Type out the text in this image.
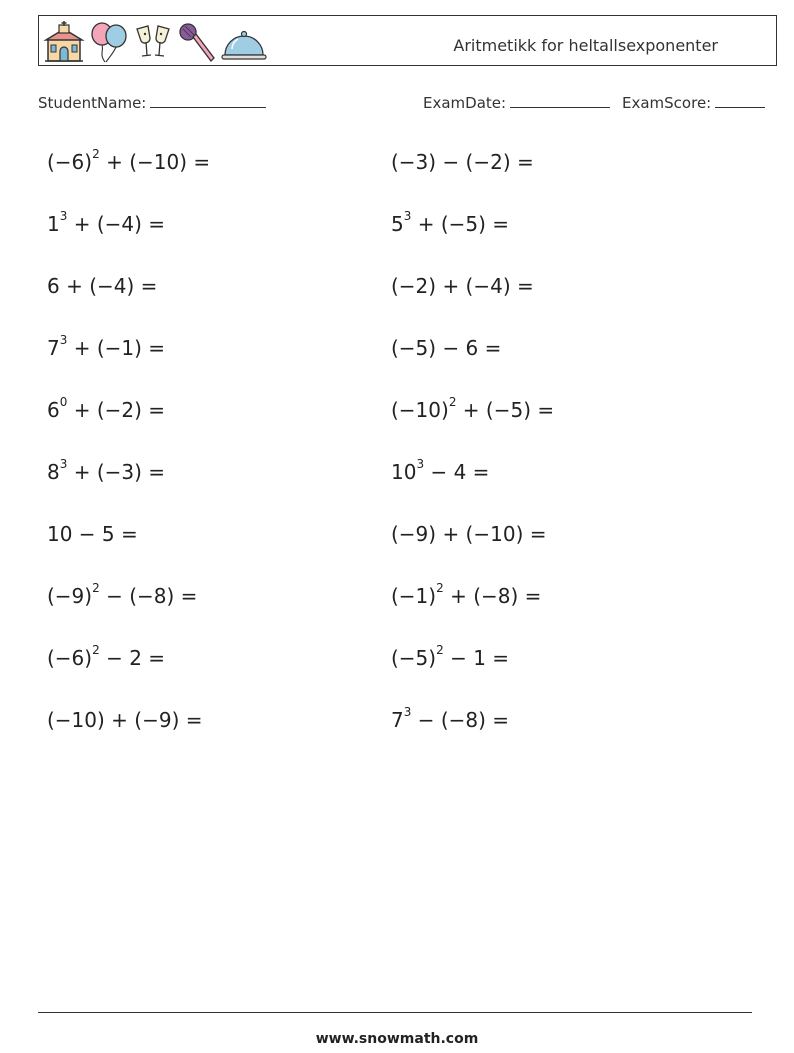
Aritmetikk for heltallsexponenter
StudentName:	ExamDate:	ExamScore:
$(-6)^2 + (-10)$ =	(−3) − (−2) =
$1^3 + (-4)$ =	$5^3 + (-5)$ =
6 + (−4) =	(−2) + (−4) =
$7^3 + (-1)$ =	(−5) − 6 =
$6^0 + (-2)$ =	$(-10)^2 + (-5)$ =
$8^3 + (-3)$ =	$10^3 - 4$ =
10 − 5 =	(−9) + (−10) =
$(-9)^2 - (-8)$ =	$(-1)^2 + (-8)$ =
$(-6)^2 - 2$ =	$(-5)^2 - 1$ =
(−10) + (−9) =	$7^3 - (-8)$ =
www.snowmath.com
